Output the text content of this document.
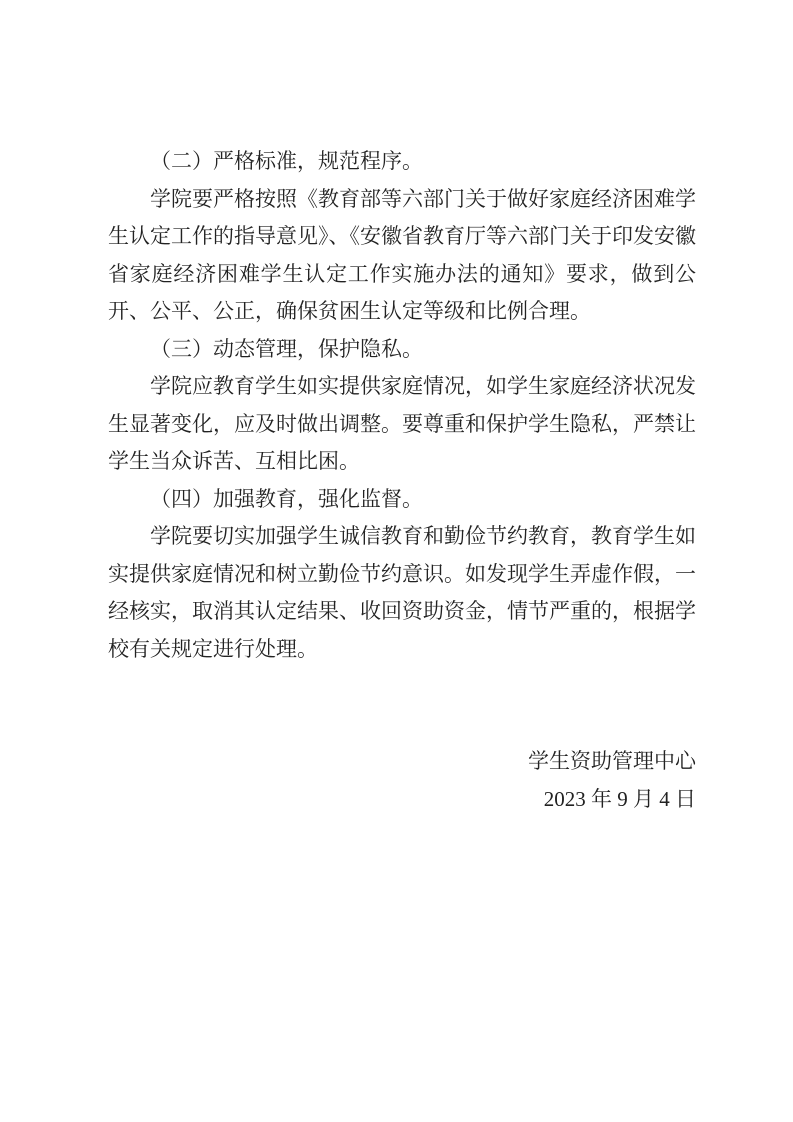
（二）严格标准，规范程序。

学院要严格按照《教育部等六部门关于做好家庭经济困难学生认定工作的指导意见》、《安徽省教育厅等六部门关于印发安徽省家庭经济困难学生认定工作实施办法的通知》要求，做到公开、公平、公正，确保贫困生认定等级和比例合理。

（三）动态管理，保护隐私。

学院应教育学生如实提供家庭情况，如学生家庭经济状况发生显著变化，应及时做出调整。要尊重和保护学生隐私，严禁让学生当众诉苦、互相比困。

（四）加强教育，强化监督。

学院要切实加强学生诚信教育和勤俭节约教育，教育学生如实提供家庭情况和树立勤俭节约意识。如发现学生弄虚作假，一经核实，取消其认定结果、收回资助资金，情节严重的，根据学校有关规定进行处理。

学生资助管理中心

2023 年 9 月 4 日
